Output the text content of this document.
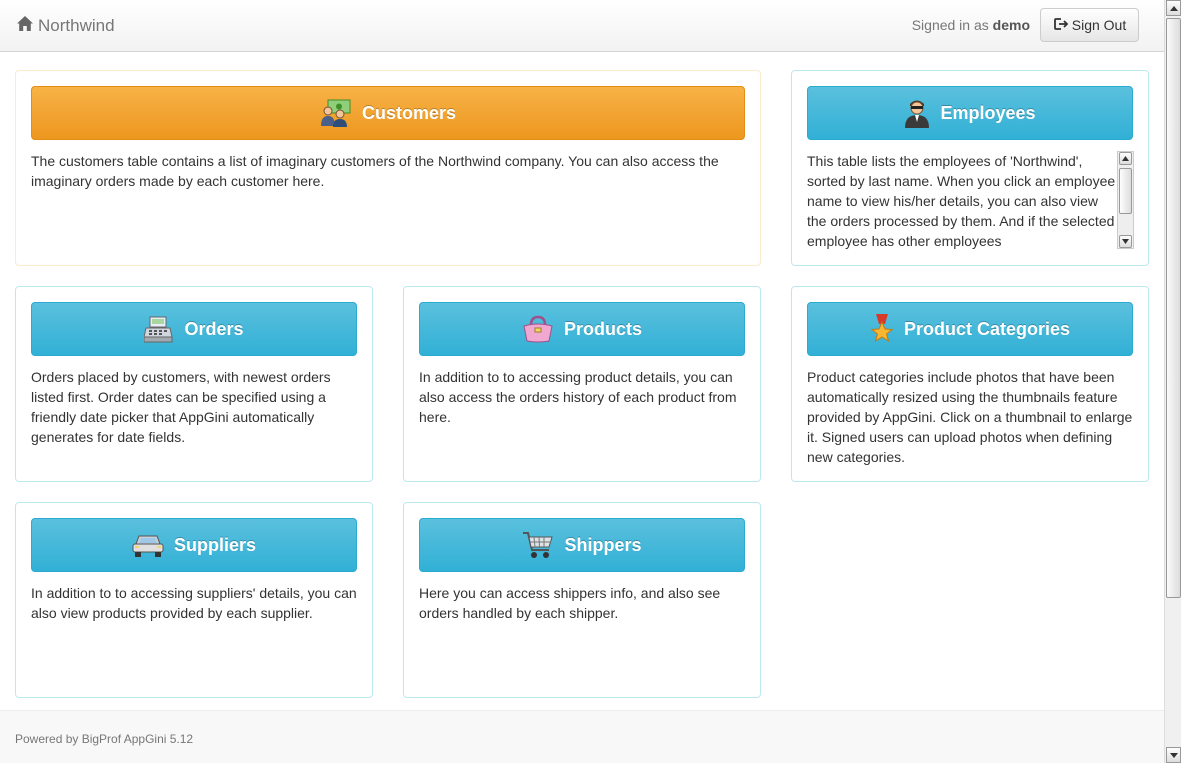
Northwind	Signed in as demo	Sign Out
Customers
The customers table contains a list of imaginary customers of the Northwind company. You can also access the imaginary orders made by each customer here.
Employees
This table lists the employees of 'Northwind', sorted by last name. When you click an employee name to view his/her details, you can also view the orders processed by them. And if the selected employee has other employees
Orders
Orders placed by customers, with newest orders listed first. Order dates can be specified using a friendly date picker that AppGini automatically generates for date fields.
Products
In addition to to accessing product details, you can also access the orders history of each product from here.
Product Categories
Product categories include photos that have been automatically resized using the thumbnails feature provided by AppGini. Click on a thumbnail to enlarge it. Signed users can upload photos when defining new categories.
Suppliers
In addition to to accessing suppliers' details, you can also view products provided by each supplier.
Shippers
Here you can access shippers info, and also see orders handled by each shipper.
Powered by BigProf AppGini 5.12
